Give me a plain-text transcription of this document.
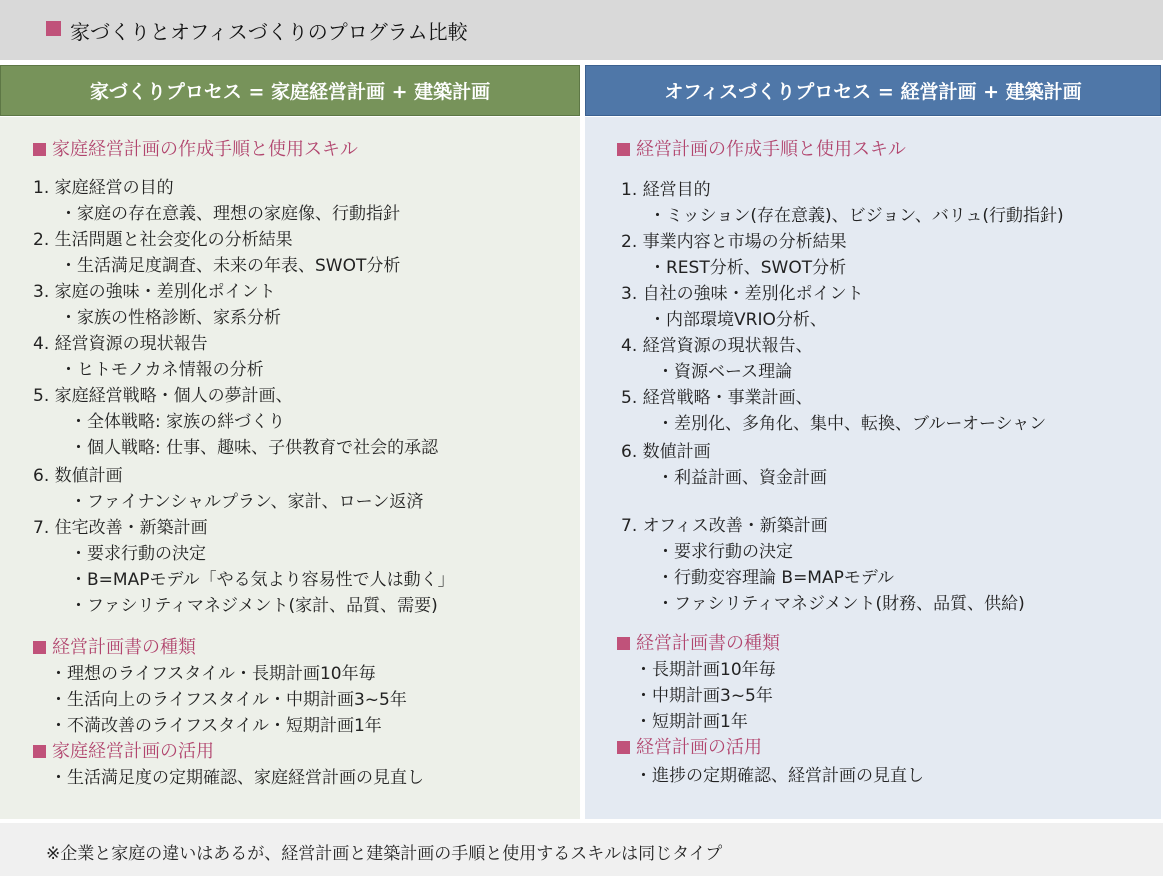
家づくりとオフィスづくりのプログラム比較
家づくりプロセス = 家庭経営計画 + 建築計画	オフィスづくりプロセス = 経営計画 + 建築計画
家庭経営計画の作成手順と使用スキル
1. 家庭経営の目的
・家庭の存在意義、理想の家庭像、行動指針
2. 生活問題と社会変化の分析結果
・生活満足度調査、未来の年表、SWOT分析
3. 家庭の強味・差別化ポイント
・家族の性格診断、家系分析
4. 経営資源の現状報告
・ヒトモノカネ情報の分析
5. 家庭経営戦略・個人の夢計画、
・全体戦略: 家族の絆づくり
・個人戦略: 仕事、趣味、子供教育で社会的承認
6. 数値計画
・ファイナンシャルプラン、家計、ローン返済
7. 住宅改善・新築計画
・要求行動の決定
・B=MAPモデル「やる気より容易性で人は動く」
・ファシリティマネジメント(家計、品質、需要)
経営計画書の種類
・理想のライフスタイル・長期計画10年毎
・生活向上のライフスタイル・中期計画3~5年
・不満改善のライフスタイル・短期計画1年
家庭経営計画の活用
・生活満足度の定期確認、家庭経営計画の見直し
経営計画の作成手順と使用スキル
1. 経営目的
・ミッション(存在意義)、ビジョン、バリュ(行動指針)
2. 事業内容と市場の分析結果
・REST分析、SWOT分析
3. 自社の強味・差別化ポイント
・内部環境VRIO分析、
4. 経営資源の現状報告、
・資源ベース理論
5. 経営戦略・事業計画、
・差別化、多角化、集中、転換、ブルーオーシャン
6. 数値計画
・利益計画、資金計画
7. オフィス改善・新築計画
・要求行動の決定
・行動変容理論 B=MAPモデル
・ファシリティマネジメント(財務、品質、供給)
経営計画書の種類
・長期計画10年毎
・中期計画3~5年
・短期計画1年
経営計画の活用
・進捗の定期確認、経営計画の見直し
※企業と家庭の違いはあるが、経営計画と建築計画の手順と使用するスキルは同じタイプ
